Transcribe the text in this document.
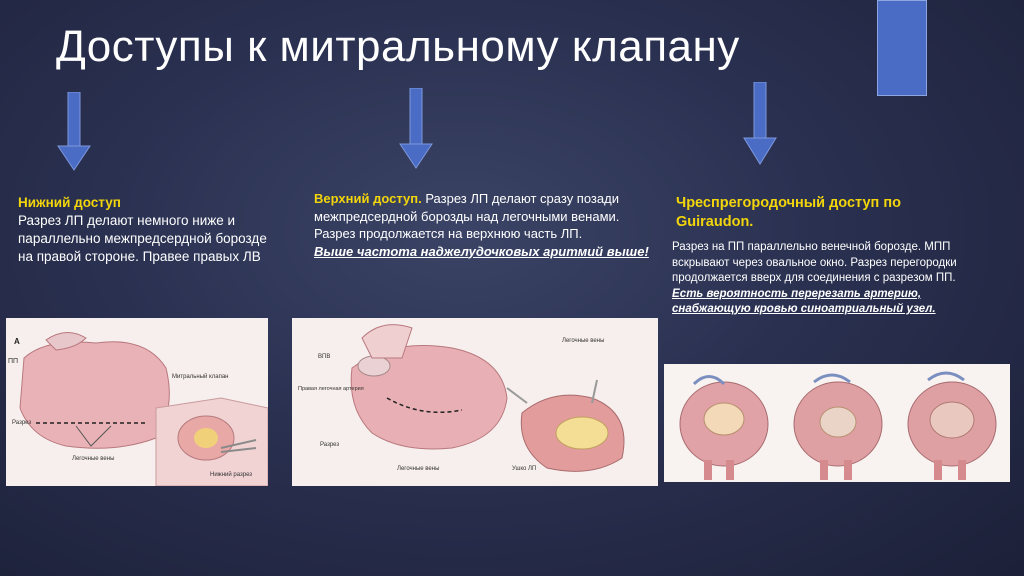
Доступы к митральному клапану
Нижний доступ
Разрез ЛП делают немного ниже и параллельно межпредсердной борозде на правой стороне. Правее правых ЛВ
Верхний доступ. Разрез ЛП делают сразу позади межпредсердной борозды над легочными венами. Разрез продолжается на верхнюю часть ЛП.
Выше частота наджелудочковых аритмий выше!
Чреспрегородочный доступ по Guiraudon.
Разрез на ПП параллельно венечной борозде. МПП вскрывают через овальное окно. Разрез перегородки продолжается вверх для соединения с разрезом ПП.
Есть вероятность перерезать артерию, снабжающую кровью синоатриальный узел.
A
ПП
Митральный клапан
Разрез
Легочные вены
Нижний разрез
ВПВ
Правая легочная артерия
Разрез
Легочные вены
Легочные вены	Ушко ЛП
